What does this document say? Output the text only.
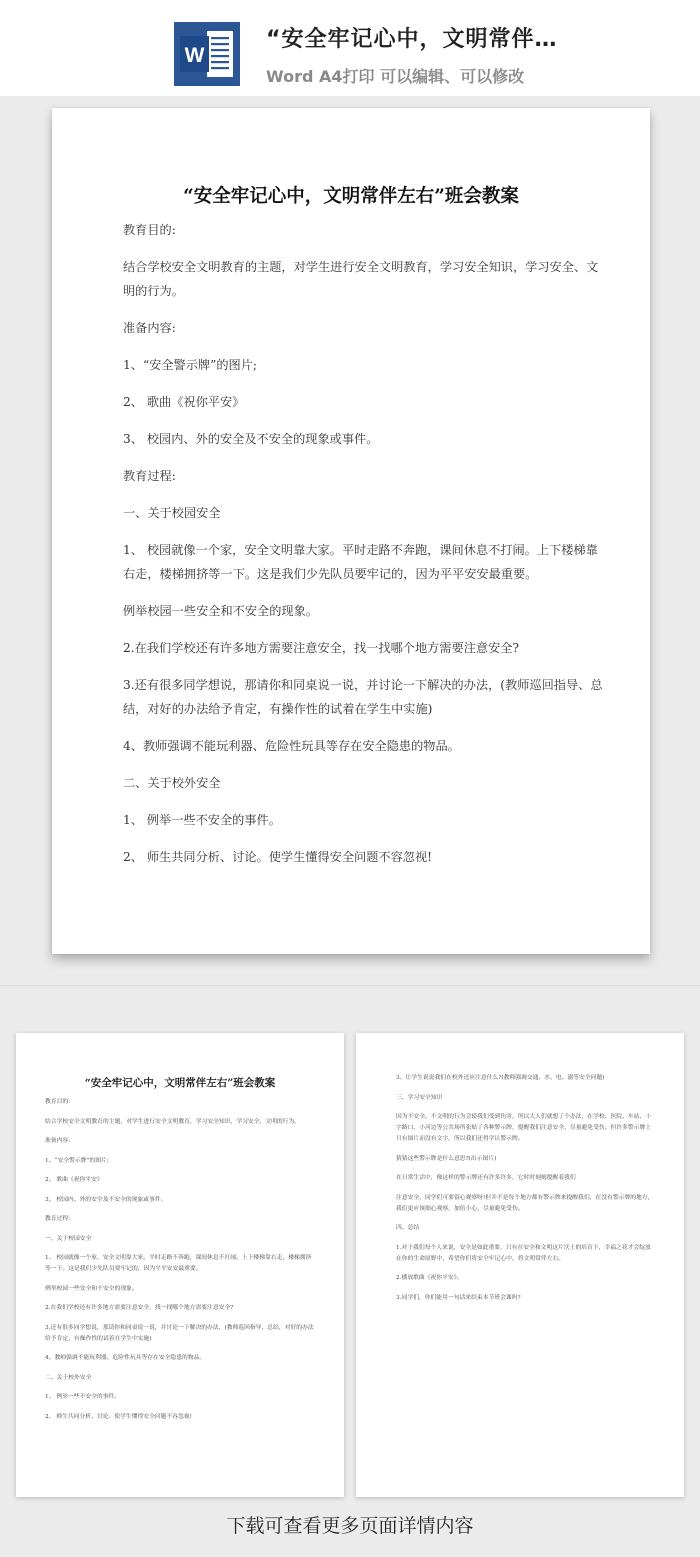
W
“安全牢记心中，文明常伴…
Word A4打印 可以编辑、可以修改
“安全牢记心中，文明常伴左右”班会教案

教育目的:

结合学校安全文明教育的主题，对学生进行安全文明教育，学习安全知识，学习安全、文明的行为。

准备内容:

1、“安全警示牌”的图片;

2、 歌曲《祝你平安》

3、 校园内、外的安全及不安全的现象或事件。

教育过程:

一、关于校园安全

1、 校园就像一个家，安全文明靠大家。平时走路不奔跑，课间休息不打闹。上下楼梯靠右走，楼梯拥挤等一下。这是我们少先队员要牢记的，因为平平安安最重要。

例举校园一些安全和不安全的现象。

2.在我们学校还有许多地方需要注意安全，找一找哪个地方需要注意安全?

3.还有很多同学想说，那请你和同桌说一说，并讨论一下解决的办法，(教师巡回指导、总结，对好的办法给予肯定，有操作性的试着在学生中实施)

4、教师强调不能玩利器、危险性玩具等存在安全隐患的物品。

二、关于校外安全

1、 例举一些不安全的事件。

2、 师生共同分析、讨论。使学生懂得安全问题不容忽视!

“安全牢记心中，文明常伴左右”班会教案

教育目的:

结合学校安全文明教育的主题，对学生进行安全文明教育，学习安全知识，学习安全、文明的行为。

准备内容:

1、“安全警示牌”的图片;

2、 歌曲《祝你平安》

3、 校园内、外的安全及不安全的现象或事件。

教育过程:

一、关于校园安全

1、 校园就像一个家，安全文明靠大家。平时走路不奔跑，课间休息不打闹。上下楼梯靠右走，楼梯拥挤等一下。这是我们少先队员要牢记的，因为平平安安最重要。

例举校园一些安全和不安全的现象。

2.在我们学校还有许多地方需要注意安全，找一找哪个地方需要注意安全?

3.还有很多同学想说，那请你和同桌说一说，并讨论一下解决的办法，(教师巡回指导、总结，对好的办法给予肯定，有操作性的试着在学生中实施)

4、教师强调不能玩利器、危险性玩具等存在安全隐患的物品。

二、关于校外安全

1、 例举一些不安全的事件。

2、 师生共同分析、讨论。使学生懂得安全问题不容忽视!

3、让学生说说我们在校外还应注意什么?(教师强调交通、水、电、溺等安全问题)

三、学习安全知识

因为不安全、不文明的行为会使我们受到伤害，所以大人们就想了个办法，在学校、医院、车站、十字路口、小河边等公共场所张贴了各种警示牌，提醒我们注意安全，尽量避免受伤。但许多警示牌上只有图片而没有文字，所以我们还得学认警示牌。

猜猜这些警示牌是什么意思?(出示图片)

在日常生活中，像这样的警示牌还有许多许多，它时时刻刻提醒着我们

注意安全，同学们可要留心观察呀!但并不是每个地方都有警示牌来提醒我们，在没有警示牌的地方，我们更应该细心观察，加倍小心，尽量避免受伤。

四、总结

1.对于我们每个人来说，安全是如此重要，只有在安全和文明这片沃土的培育下，幸福之花才会绽放在你的生命原野中，希望你们将安全牢记心中，将文明常伴左右。

2.播放歌曲《祝你平安》。

3.同学们，你们能用一句话来结束本节班会课吗?

下载可查看更多页面详情内容
